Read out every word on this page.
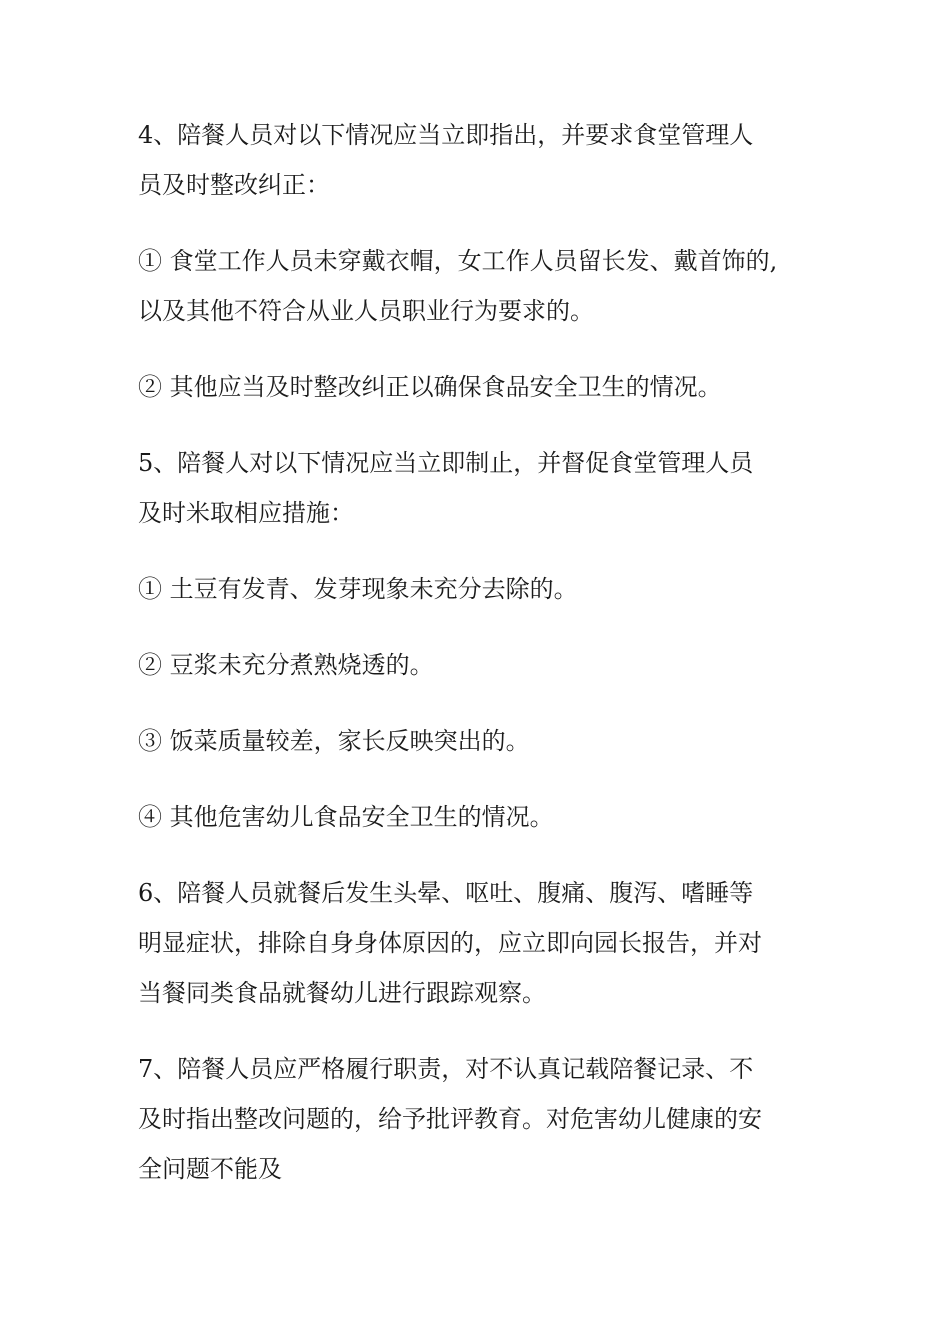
4、陪餐人员对以下情况应当立即指出，并要求食堂管理人
员及时整改纠正：
① 食堂工作人员未穿戴衣帽，女工作人员留长发、戴首饰的,
以及其他不符合从业人员职业行为要求的。
② 其他应当及时整改纠正以确保食品安全卫生的情况。
5、陪餐人对以下情况应当立即制止，并督促食堂管理人员
及时米取相应措施：
① 土豆有发青、发芽现象未充分去除的。
② 豆浆未充分煮熟烧透的。
③ 饭菜质量较差，家长反映突出的。
④ 其他危害幼儿食品安全卫生的情况。
6、陪餐人员就餐后发生头晕、呕吐、腹痛、腹泻、嗜睡等
明显症状，排除自身身体原因的，应立即向园长报告，并对
当餐同类食品就餐幼儿进行跟踪观察。
7、陪餐人员应严格履行职责，对不认真记载陪餐记录、不
及时指出整改问题的，给予批评教育。对危害幼儿健康的安
全问题不能及
